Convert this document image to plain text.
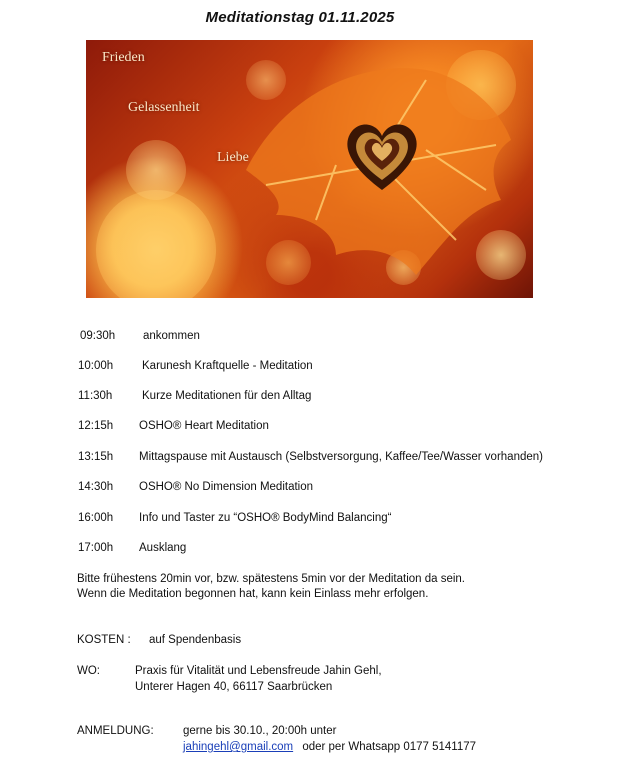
Meditationstag 01.11.2025
Frieden
Gelassenheit
Liebe
09:30h ankommen
10:00h	Karunesh Kraftquelle - Meditation
11:30h	Kurze Meditationen für den Alltag
12:15h OSHO® Heart Meditation
13:15h Mittagspause mit Austausch (Selbstversorgung, Kaffee/Tee/Wasser vorhanden)
14:30h OSHO® No Dimension Meditation
16:00h Info und Taster zu “OSHO® BodyMind Balancing“
17:00h Ausklang
Bitte frühestens 20min vor, bzw. spätestens 5min vor der Meditation da sein.
Wenn die Meditation begonnen hat, kann kein Einlass mehr erfolgen.
KOSTEN : auf Spendenbasis
WO:	Praxis für Vitalität und Lebensfreude Jahin Gehl,
Unterer Hagen 40, 66117 Saarbrücken
ANMELDUNG:	gerne bis 30.10., 20:00h unter
jahingehl@gmail.com oder per Whatsapp 0177 5141177
